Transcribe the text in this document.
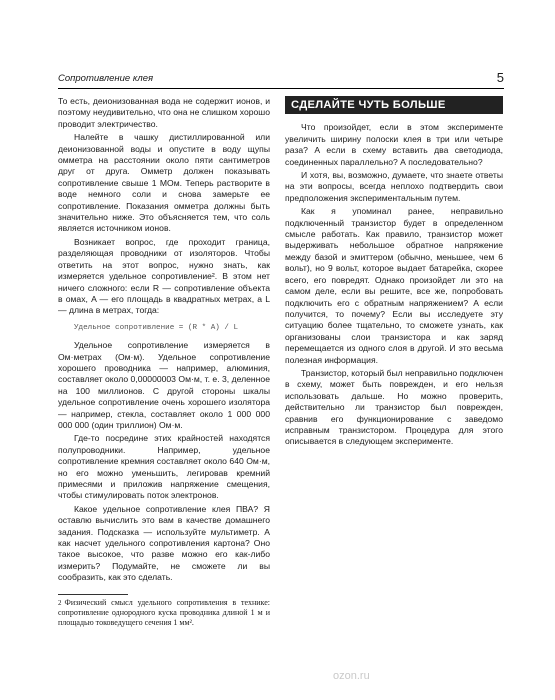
Сопротивление клея	5

То есть, деионизованная вода не содержит ионов, и поэтому неудивительно, что она не слишком хорошо проводит электричество.

Налейте в чашку дистиллированной или деионизованной воды и опустите в воду щупы омметра на расстоянии около пяти сантиметров друг от друга. Омметр должен показывать сопротивление свыше 1 МОм. Теперь растворите в воде немного соли и снова замерьте ее сопротивление. Показания омметра должны быть значительно ниже. Это объясняется тем, что соль является источником ионов.

Возникает вопрос, где проходит граница, разделяющая проводники от изоляторов. Чтобы ответить на этот вопрос, нужно знать, как измеряется удельное сопротивление². В этом нет ничего сложного: если R — сопротивление объекта в омах, A — его площадь в квадратных метрах, а L — длина в метрах, тогда:

Удельное сопротивление = (R * A) / L

Удельное сопротивление измеряется в Ом·метрах (Ом·м). Удельное сопротивление хорошего проводника — например, алюминия, составляет около 0,00000003 Ом·м, т. е. 3, деленное на 100 миллионов. С другой стороны шкалы удельное сопротивление очень хорошего изолятора — например, стекла, составляет около 1 000 000 000 000 (один триллион) Ом·м.

Где-то посредине этих крайностей находятся полупроводники. Например, удельное сопротивление кремния составляет около 640 Ом·м, но его можно уменьшить, легировав кремний примесями и приложив напряжение смещения, чтобы стимулировать поток электронов.

Какое удельное сопротивление клея ПВА? Я оставлю вычислить это вам в качестве домашнего задания. Подсказка — используйте мультиметр. А как насчет удельного сопротивления картона? Оно такое высокое, что разве можно его как-либо измерить? Подумайте, не сможете ли вы сообразить, как это сделать.

2 Физический смысл удельного сопротивления в технике: сопротивление однородного куска проводника длиной 1 м и площадью токоведущего сечения 1 мм².
СДЕЛАЙТЕ ЧУТЬ БОЛЬШЕ

Что произойдет, если в этом эксперименте увеличить ширину полоски клея в три или четыре раза? А если в схему вставить два светодиода, соединенных параллельно? А последовательно?

И хотя, вы, возможно, думаете, что знаете ответы на эти вопросы, всегда неплохо подтвердить свои предположения экспериментальным путем.

Как я упоминал ранее, неправильно подключенный транзистор будет в определенном смысле работать. Как правило, транзистор может выдерживать небольшое обратное напряжение между базой и эмиттером (обычно, меньшее, чем 6 вольт), но 9 вольт, которое выдает батарейка, скорее всего, его повредят. Однако произойдет ли это на самом деле, если вы решите, все же, попробовать подключить его с обратным напряжением? А если получится, то почему? Если вы исследуете эту ситуацию более тщательно, то сможете узнать, как организованы слои транзистора и как заряд перемещается из одного слоя в другой. И это весьма полезная информация.

Транзистор, который был неправильно подключен в схему, может быть поврежден, и его нельзя использовать дальше. Но можно проверить, действительно ли транзистор был поврежден, сравнив его функционирование с заведомо исправным транзистором. Процедура для этого описывается в следующем эксперименте.

ozon.ru
